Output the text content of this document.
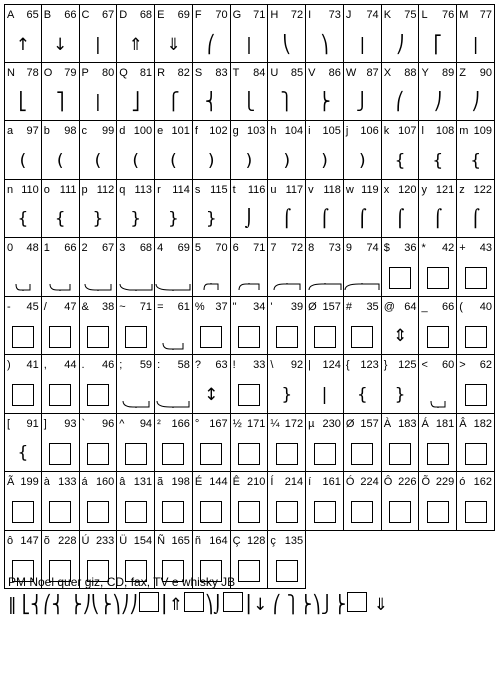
A 65
↑
B 66
↓
C 67
|
D 68
⇑
E 69
⇓
F 70
⎛
G 71
|
H 72
⎝
I 73
⎞
J 74
|
K 75
⎠
L 76
⎡
M 77
|
N 78
⎣
O 79
⎤
P 80
|
Q 81
⎦
R 82
⎧
S 83
⎨
T 84
⎩
U 85
⎫
V 86
⎬
W 87
⎭
X 88
⎛
Y 89
⎠
Z 90
⎠
a 97
(
b 98
(
c 99
(
d 100
(
e 101
(
f 102
)
g 103
)
h 104
)
i 105
)
j 106
)
k 107
{
l 108
{
m 109
{
n 110
{
o 111
{
p 112
}
q 113
}
r 114
}
s 115
}
t 116
⌡
u 117
⌠
v 118
⌠
w 119
⌠
x 120
⌠
y 121
⌠
z 122
⌠
0 48 1 66 2 67 3 68 4 69 5 70 6 71 7 72 8 73 9 74 $ 36 * 42 + 43
- 45 / 47 & 38 ~ 71 = 61 % 37 " 34 ' 39 Ø 157 # 35 @ 64
⇕
_ 66 ( 40
) 41 , 44 . 46 ; 59 : 58 ? 63
↕
! 33 \ 92
}
| 124
|
{ 123
{
} 125
}
< 60 > 62
[ 91
{
] 93 ` 96 ^ 94 ² 166 ° 167 ½ 171 ¼ 172 µ 230 Ø 157 À 183 Á 181 Â 182
Ã 199 à 133 á 160 â 131 ã 198 É 144 Ê 210 Í 214 í 161 Ó 224 Ô 226 Õ 229 ó 162
ô 147 õ 228 Ú 233 Ü 154 Ñ 165 ñ 164 Ç 128 ç 135
PM Noel quer giz, CD, fax, TV e whisky JB
‖ ⎣⎨⎛⎨ ⎬⎠⎝⎬⎞⎠⎠ ⎮⇑ ⎞⌡ ⎮↓ ⎛ ⎫⎬⎞⎭⎬ ⇓
